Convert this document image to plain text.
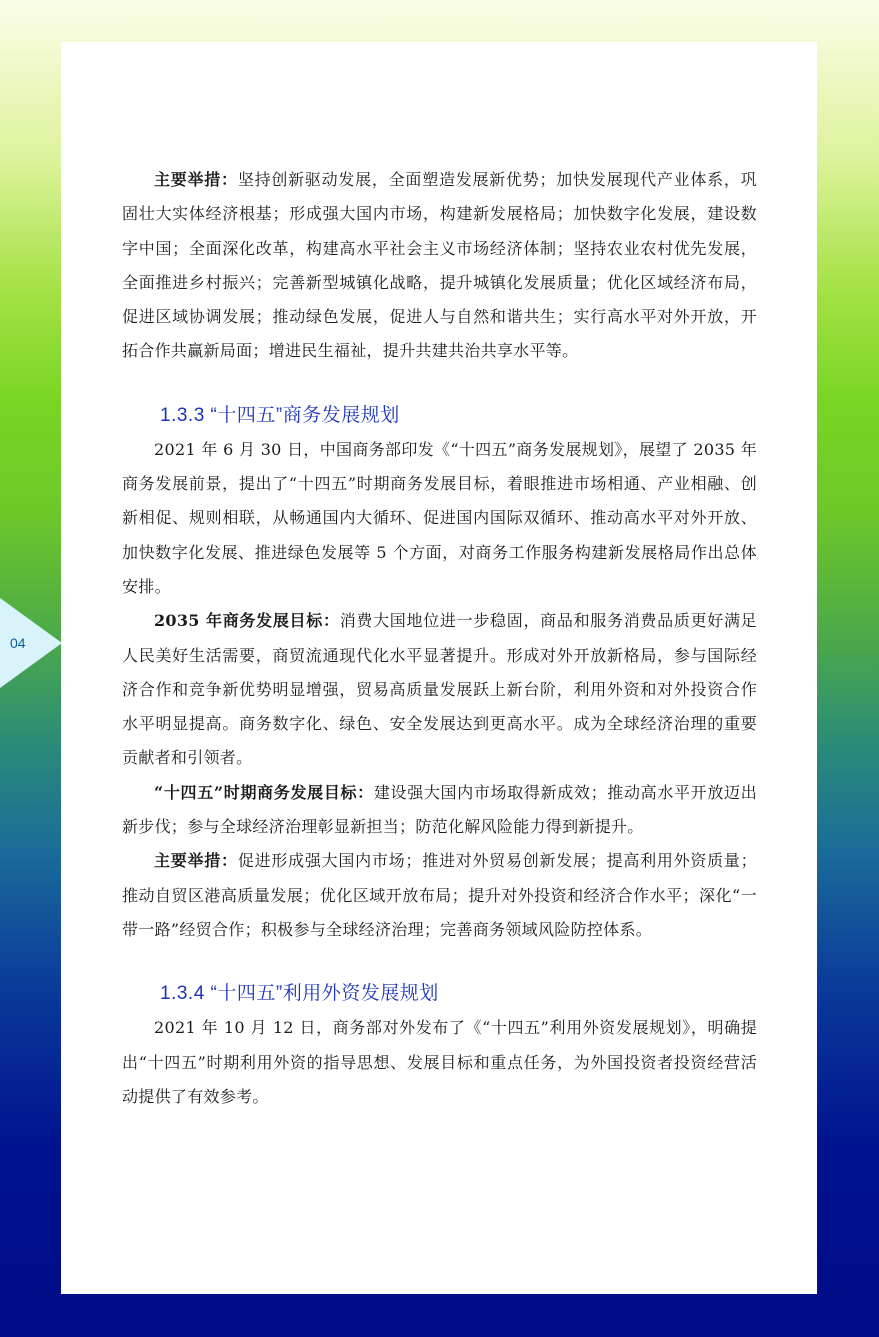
04

主要举措：坚持创新驱动发展，全面塑造发展新优势；加快发展现代产业体系，巩固壮大实体经济根基；形成强大国内市场，构建新发展格局；加快数字化发展，建设数字中国；全面深化改革，构建高水平社会主义市场经济体制；坚持农业农村优先发展，全面推进乡村振兴；完善新型城镇化战略，提升城镇化发展质量；优化区域经济布局，促进区域协调发展；推动绿色发展，促进人与自然和谐共生；实行高水平对外开放，开拓合作共赢新局面；增进民生福祉，提升共建共治共享水平等。

1.3.3 “十四五”商务发展规划

2021 年 6 月 30 日，中国商务部印发《“十四五”商务发展规划》，展望了 2035 年商务发展前景，提出了“十四五”时期商务发展目标，着眼推进市场相通、产业相融、创新相促、规则相联，从畅通国内大循环、促进国内国际双循环、推动高水平对外开放、加快数字化发展、推进绿色发展等 5 个方面，对商务工作服务构建新发展格局作出总体安排。

2035 年商务发展目标：消费大国地位进一步稳固，商品和服务消费品质更好满足人民美好生活需要，商贸流通现代化水平显著提升。形成对外开放新格局，参与国际经济合作和竞争新优势明显增强，贸易高质量发展跃上新台阶，利用外资和对外投资合作水平明显提高。商务数字化、绿色、安全发展达到更高水平。成为全球经济治理的重要贡献者和引领者。

“十四五”时期商务发展目标：建设强大国内市场取得新成效；推动高水平开放迈出新步伐；参与全球经济治理彰显新担当；防范化解风险能力得到新提升。

主要举措：促进形成强大国内市场；推进对外贸易创新发展；提高利用外资质量；推动自贸区港高质量发展；优化区域开放布局；提升对外投资和经济合作水平；深化“一带一路”经贸合作；积极参与全球经济治理；完善商务领域风险防控体系。

1.3.4 “十四五”利用外资发展规划

2021 年 10 月 12 日，商务部对外发布了《“十四五”利用外资发展规划》，明确提出“十四五”时期利用外资的指导思想、发展目标和重点任务，为外国投资者投资经营活动提供了有效参考。
